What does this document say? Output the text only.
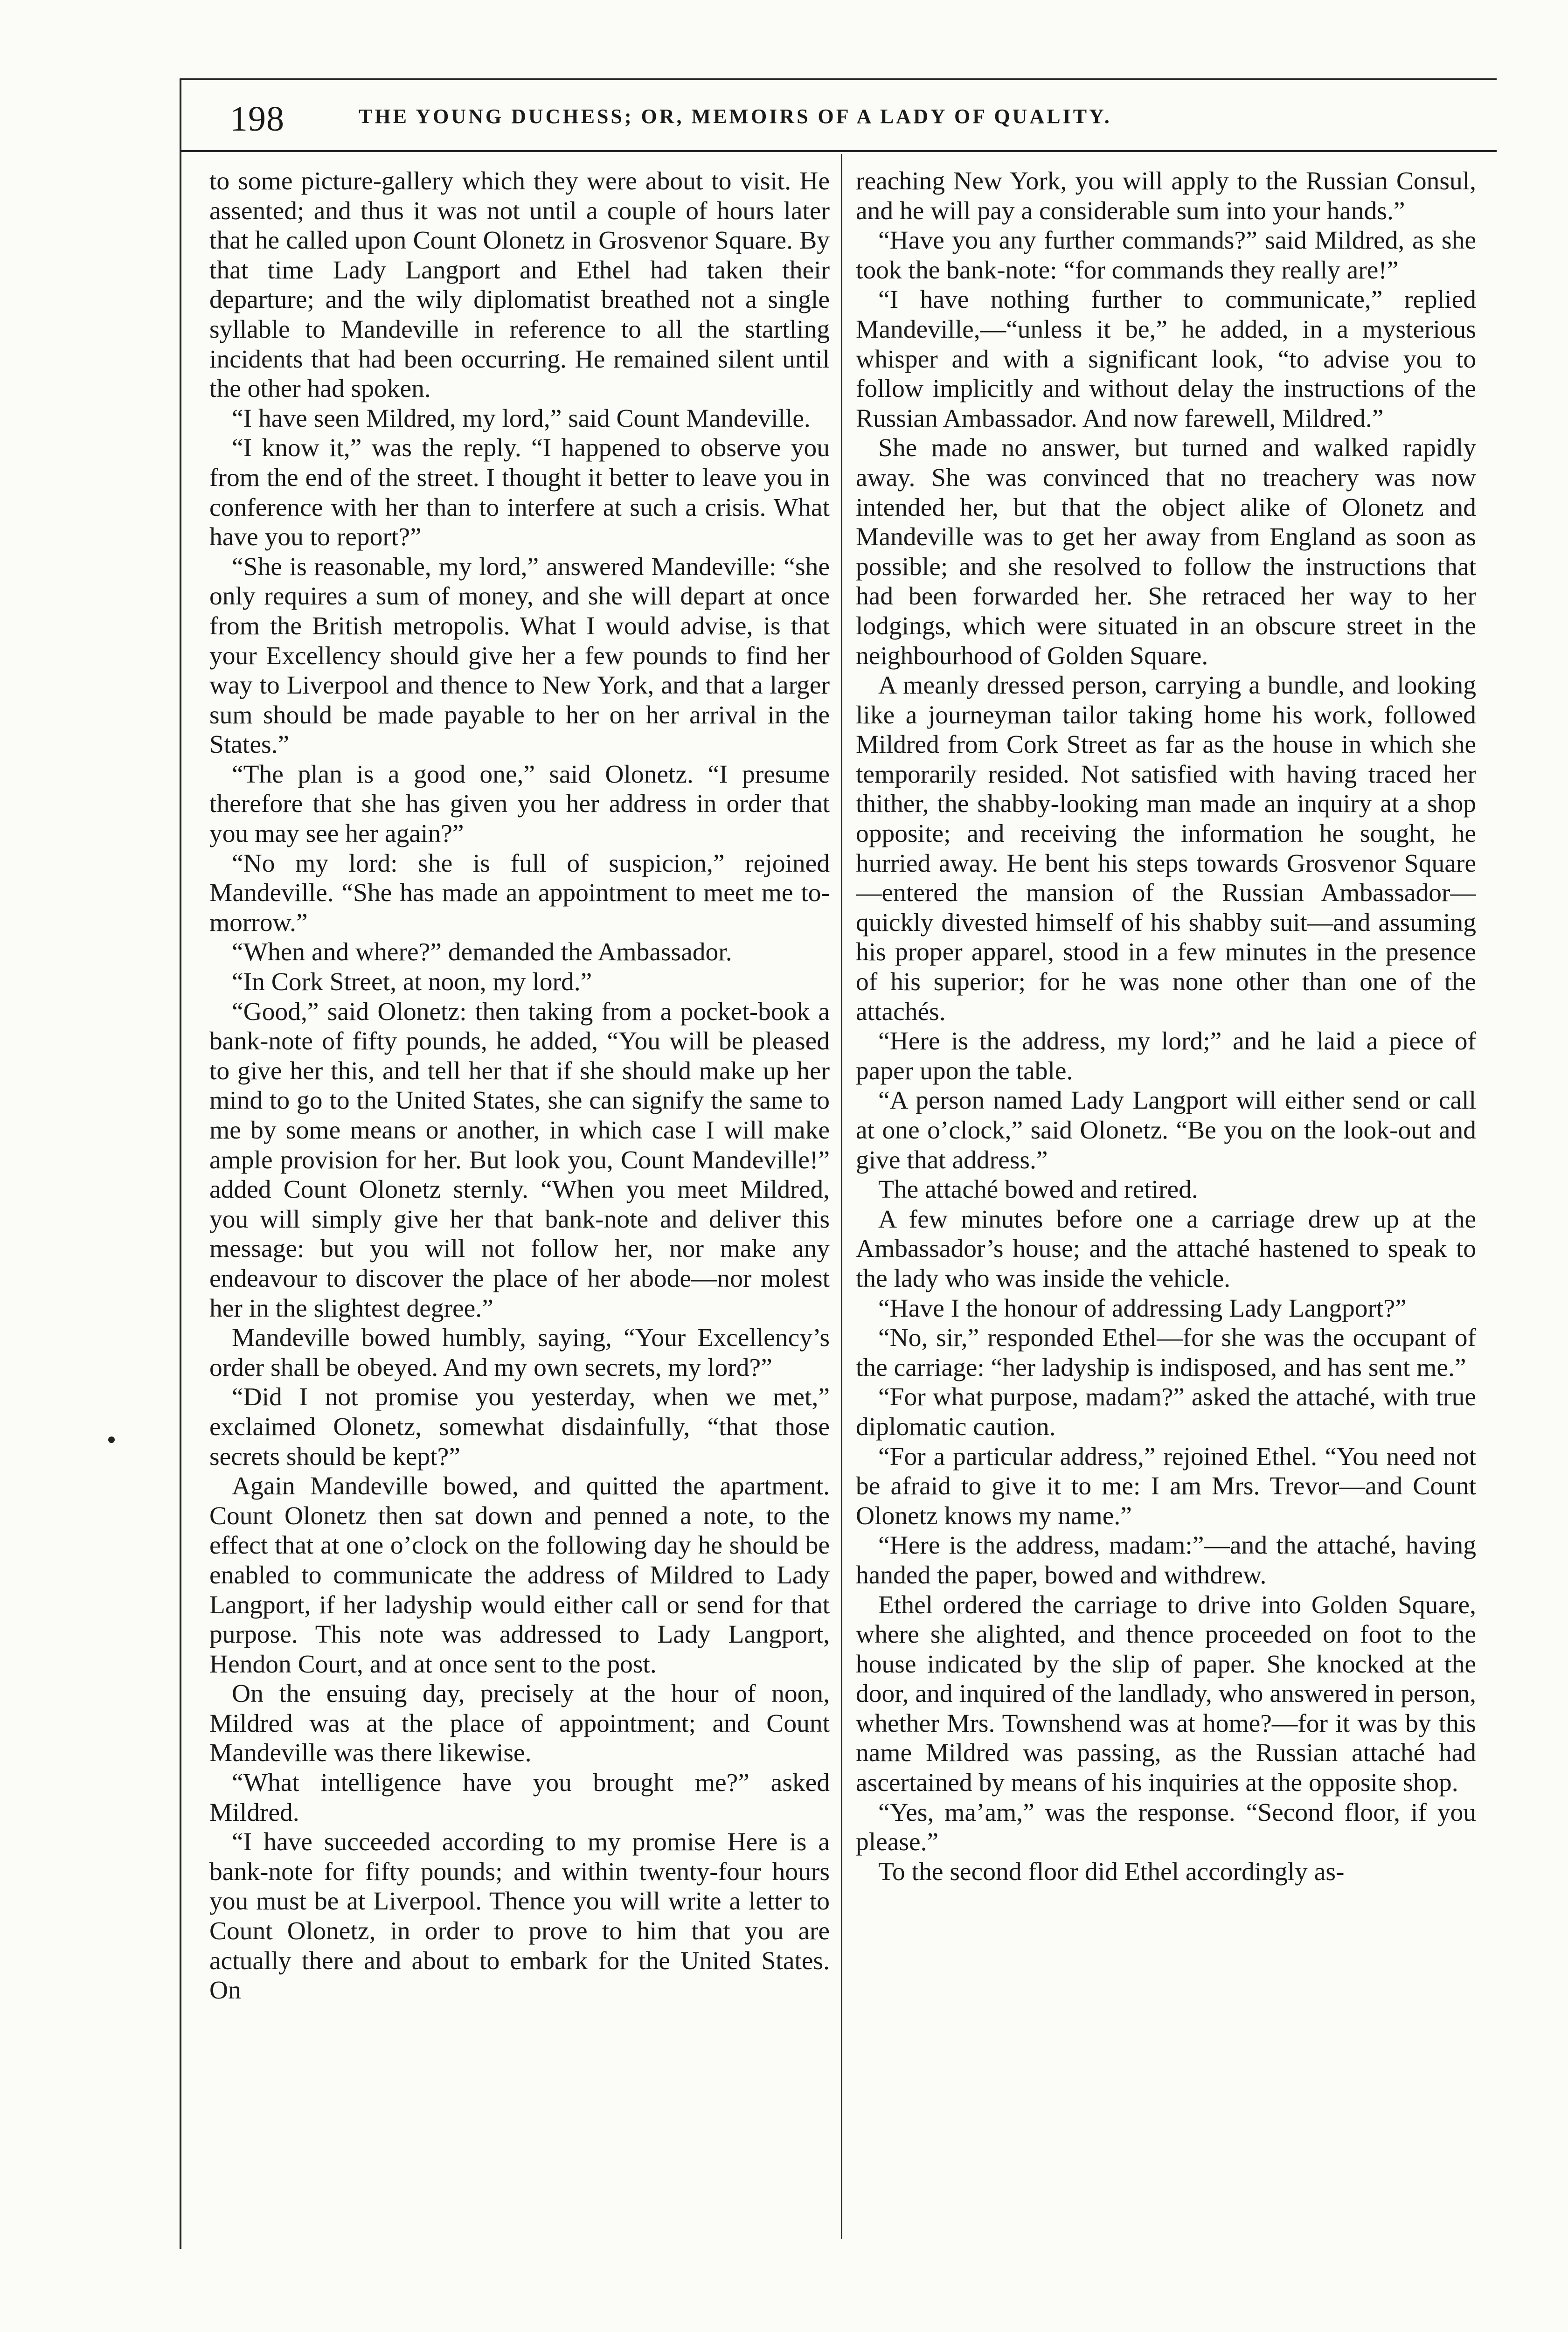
198	THE YOUNG DUCHESS; OR, MEMOIRS OF A LADY OF QUALITY.

to some picture-gallery which they were about to visit. He assented; and thus it was not until a couple of hours later that he called upon Count Olonetz in Grosvenor Square. By that time Lady Langport and Ethel had taken their departure; and the wily diplomatist breathed not a single syllable to Mandeville in reference to all the startling incidents that had been occurring. He remained silent until the other had spoken.

“I have seen Mildred, my lord,” said Count Mandeville.

“I know it,” was the reply. “I happened to observe you from the end of the street. I thought it better to leave you in conference with her than to interfere at such a crisis. What have you to report?”

“She is reasonable, my lord,” answered Mandeville: “she only requires a sum of money, and she will depart at once from the British metropolis. What I would advise, is that your Excellency should give her a few pounds to find her way to Liverpool and thence to New York, and that a larger sum should be made payable to her on her arrival in the States.”

“The plan is a good one,” said Olonetz. “I presume therefore that she has given you her address in order that you may see her again?”

“No my lord: she is full of suspicion,” rejoined Mandeville. “She has made an appointment to meet me to-morrow.”

“When and where?” demanded the Ambassador.

“In Cork Street, at noon, my lord.”

“Good,” said Olonetz: then taking from a pocket-book a bank-note of fifty pounds, he added, “You will be pleased to give her this, and tell her that if she should make up her mind to go to the United States, she can signify the same to me by some means or another, in which case I will make ample provision for her. But look you, Count Mandeville!” added Count Olonetz sternly. “When you meet Mildred, you will simply give her that bank-note and deliver this message: but you will not follow her, nor make any endeavour to discover the place of her abode—nor molest her in the slightest degree.”

Mandeville bowed humbly, saying, “Your Excellency’s order shall be obeyed. And my own secrets, my lord?”

“Did I not promise you yesterday, when we met,” exclaimed Olonetz, somewhat disdainfully, “that those secrets should be kept?”

Again Mandeville bowed, and quitted the apartment. Count Olonetz then sat down and penned a note, to the effect that at one o’clock on the following day he should be enabled to communicate the address of Mildred to Lady Langport, if her ladyship would either call or send for that purpose. This note was addressed to Lady Langport, Hendon Court, and at once sent to the post.

On the ensuing day, precisely at the hour of noon, Mildred was at the place of appointment; and Count Mandeville was there likewise.

“What intelligence have you brought me?” asked Mildred.

“I have succeeded according to my promise Here is a bank-note for fifty pounds; and within twenty-four hours you must be at Liverpool. Thence you will write a letter to Count Olonetz, in order to prove to him that you are actually there and about to embark for the United States. On

reaching New York, you will apply to the Russian Consul, and he will pay a considerable sum into your hands.”

“Have you any further commands?” said Mildred, as she took the bank-note: “for commands they really are!”

“I have nothing further to communicate,” replied Mandeville,—“unless it be,” he added, in a mysterious whisper and with a significant look, “to advise you to follow implicitly and without delay the instructions of the Russian Ambassador. And now farewell, Mildred.”

She made no answer, but turned and walked rapidly away. She was convinced that no treachery was now intended her, but that the object alike of Olonetz and Mandeville was to get her away from England as soon as possible; and she resolved to follow the instructions that had been forwarded her. She retraced her way to her lodgings, which were situated in an obscure street in the neighbourhood of Golden Square.

A meanly dressed person, carrying a bundle, and looking like a journeyman tailor taking home his work, followed Mildred from Cork Street as far as the house in which she temporarily resided. Not satisfied with having traced her thither, the shabby-looking man made an inquiry at a shop opposite; and receiving the information he sought, he hurried away. He bent his steps towards Grosvenor Square—entered the mansion of the Russian Ambassador—quickly divested himself of his shabby suit—and assuming his proper apparel, stood in a few minutes in the presence of his superior; for he was none other than one of the attachés.

“Here is the address, my lord;” and he laid a piece of paper upon the table.

“A person named Lady Langport will either send or call at one o’clock,” said Olonetz. “Be you on the look-out and give that address.”

The attaché bowed and retired.

A few minutes before one a carriage drew up at the Ambassador’s house; and the attaché hastened to speak to the lady who was inside the vehicle.

“Have I the honour of addressing Lady Langport?”

“No, sir,” responded Ethel—for she was the occupant of the carriage: “her ladyship is indisposed, and has sent me.”

“For what purpose, madam?” asked the attaché, with true diplomatic caution.

“For a particular address,” rejoined Ethel. “You need not be afraid to give it to me: I am Mrs. Trevor—and Count Olonetz knows my name.”

“Here is the address, madam:”—and the attaché, having handed the paper, bowed and withdrew.

Ethel ordered the carriage to drive into Golden Square, where she alighted, and thence proceeded on foot to the house indicated by the slip of paper. She knocked at the door, and inquired of the landlady, who answered in person, whether Mrs. Townshend was at home?—for it was by this name Mildred was passing, as the Russian attaché had ascertained by means of his inquiries at the opposite shop.

“Yes, ma’am,” was the response. “Second floor, if you please.”

To the second floor did Ethel accordingly as-
